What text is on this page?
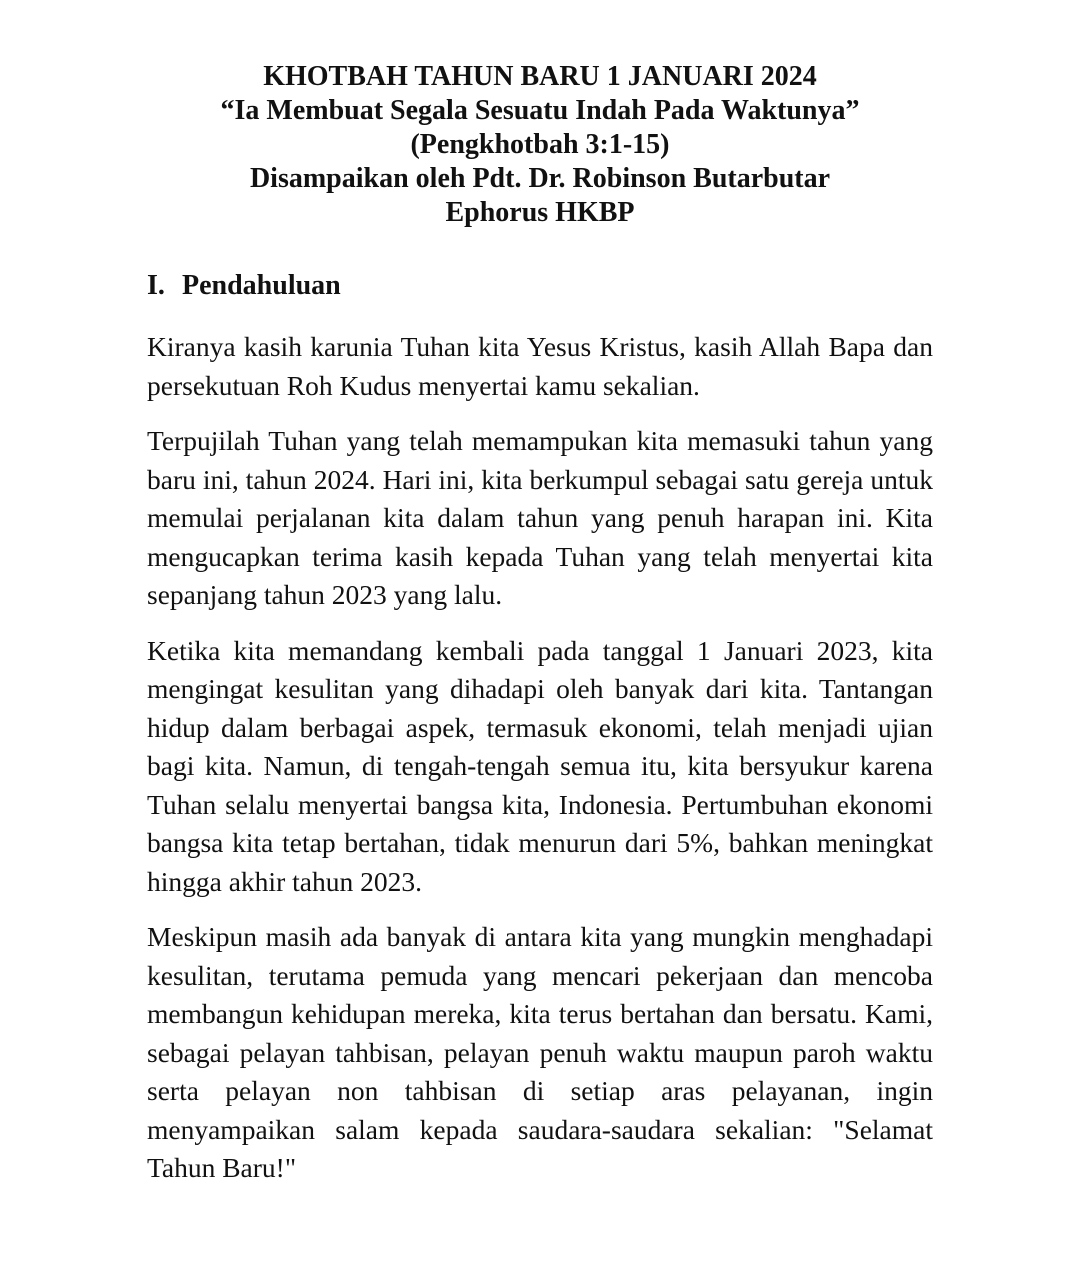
KHOTBAH TAHUN BARU 1 JANUARI 2024
“Ia Membuat Segala Sesuatu Indah Pada Waktunya”
(Pengkhotbah 3:1-15)
Disampaikan oleh Pdt. Dr. Robinson Butarbutar
Ephorus HKBP
I. Pendahuluan

Kiranya kasih karunia Tuhan kita Yesus Kristus, kasih Allah Bapa dan persekutuan Roh Kudus menyertai kamu sekalian.

Terpujilah Tuhan yang telah memampukan kita memasuki tahun yang baru ini, tahun 2024. Hari ini, kita berkumpul sebagai satu gereja untuk memulai perjalanan kita dalam tahun yang penuh harapan ini. Kita mengucapkan terima kasih kepada Tuhan yang telah menyertai kita sepanjang tahun 2023 yang lalu.

Ketika kita memandang kembali pada tanggal 1 Januari 2023, kita mengingat kesulitan yang dihadapi oleh banyak dari kita. Tantangan hidup dalam berbagai aspek, termasuk ekonomi, telah menjadi ujian bagi kita. Namun, di tengah-tengah semua itu, kita bersyukur karena Tuhan selalu menyertai bangsa kita, Indonesia. Pertumbuhan ekonomi bangsa kita tetap bertahan, tidak menurun dari 5%, bahkan meningkat hingga akhir tahun 2023.

Meskipun masih ada banyak di antara kita yang mungkin menghadapi kesulitan, terutama pemuda yang mencari pekerjaan dan mencoba membangun kehidupan mereka, kita terus bertahan dan bersatu. Kami, sebagai pelayan tahbisan, pelayan penuh waktu maupun paroh waktu serta pelayan non tahbisan di setiap aras pelayanan, ingin menyampaikan salam kepada saudara-saudara sekalian: "Selamat Tahun Baru!"
